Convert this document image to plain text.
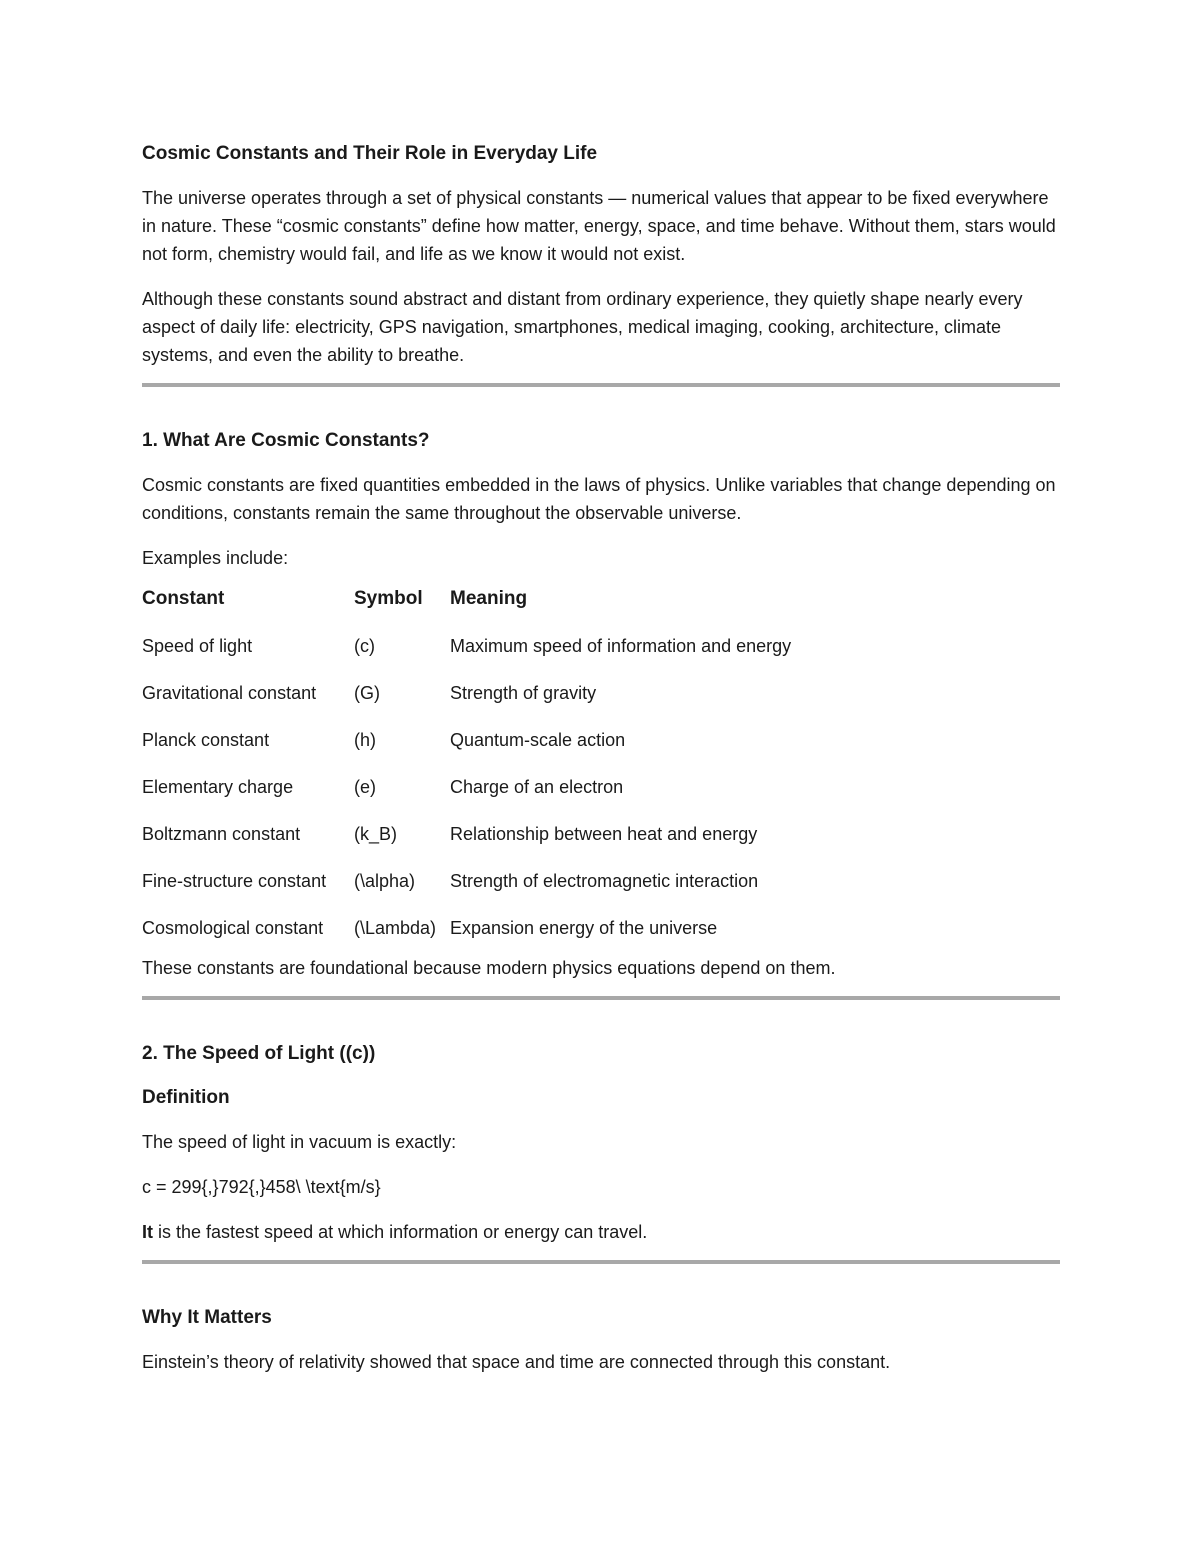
Cosmic Constants and Their Role in Everyday Life

The universe operates through a set of physical constants — numerical values that appear to be fixed everywhere in nature. These “cosmic constants” define how matter, energy, space, and time behave. Without them, stars would not form, chemistry would fail, and life as we know it would not exist.

Although these constants sound abstract and distant from ordinary experience, they quietly shape nearly every aspect of daily life: electricity, GPS navigation, smartphones, medical imaging, cooking, architecture, climate systems, and even the ability to breathe.

1. What Are Cosmic Constants?

Cosmic constants are fixed quantities embedded in the laws of physics. Unlike variables that change depending on conditions, constants remain the same throughout the observable universe.

Examples include:

Constant	Symbol	Meaning
Speed of light	(c)	Maximum speed of information and energy
Gravitational constant	(G)	Strength of gravity
Planck constant	(h)	Quantum-scale action
Elementary charge	(e)	Charge of an electron
Boltzmann constant	(k_B)	Relationship between heat and energy
Fine-structure constant	(\alpha)	Strength of electromagnetic interaction
Cosmological constant	(\Lambda)	Expansion energy of the universe

These constants are foundational because modern physics equations depend on them.

2. The Speed of Light ((c))
Definition

The speed of light in vacuum is exactly:

c = 299{,}792{,}458\ \text{m/s}

It is the fastest speed at which information or energy can travel.

Why It Matters

Einstein’s theory of relativity showed that space and time are connected through this constant.
